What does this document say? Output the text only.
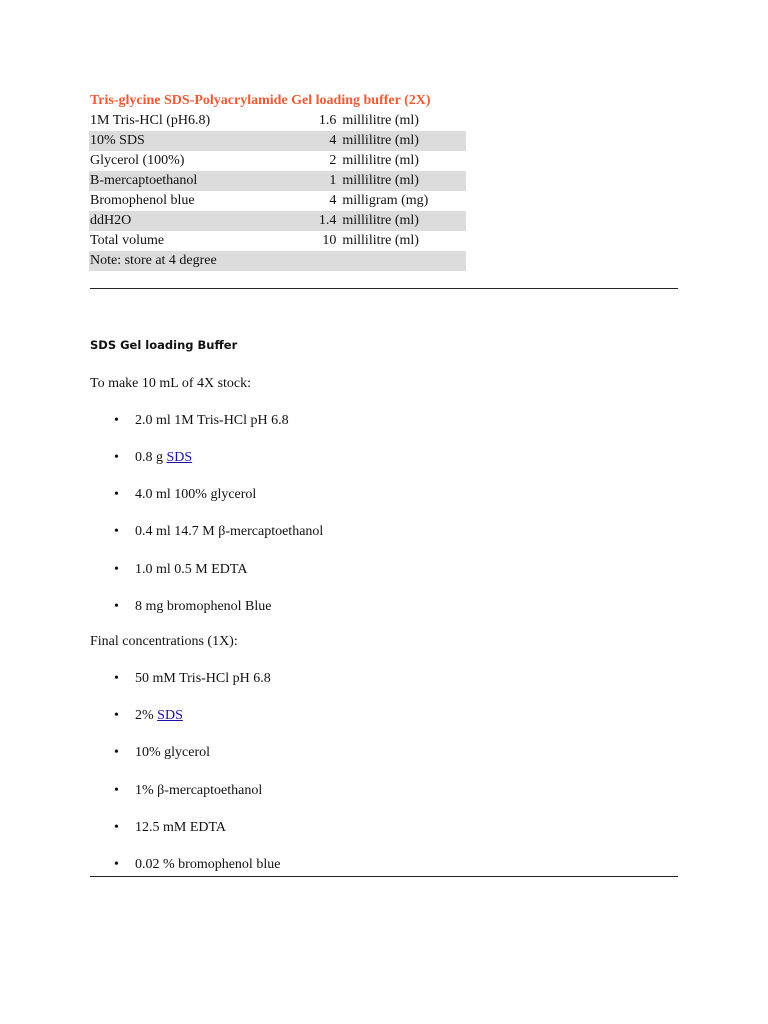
Tris-glycine SDS-Polyacrylamide Gel loading buffer (2X)
1M Tris-HCl (pH6.8)	1.6	millilitre (ml)
10% SDS	4	millilitre (ml)
Glycerol (100%)	2	millilitre (ml)
B-mercaptoethanol	1	millilitre (ml)
Bromophenol blue	4	milligram (mg)
ddH2O	1.4	millilitre (ml)
Total volume	10	millilitre (ml)
Note: store at 4 degree		
SDS Gel loading Buffer
To make 10 mL of 4X stock:
• 2.0 ml 1M Tris-HCl pH 6.8
• 0.8 g SDS
• 4.0 ml 100% glycerol
• 0.4 ml 14.7 M β-mercaptoethanol
• 1.0 ml 0.5 M EDTA
• 8 mg bromophenol Blue
Final concentrations (1X):
• 50 mM Tris-HCl pH 6.8
• 2% SDS
• 10% glycerol
• 1% β-mercaptoethanol
• 12.5 mM EDTA
• 0.02 % bromophenol blue
